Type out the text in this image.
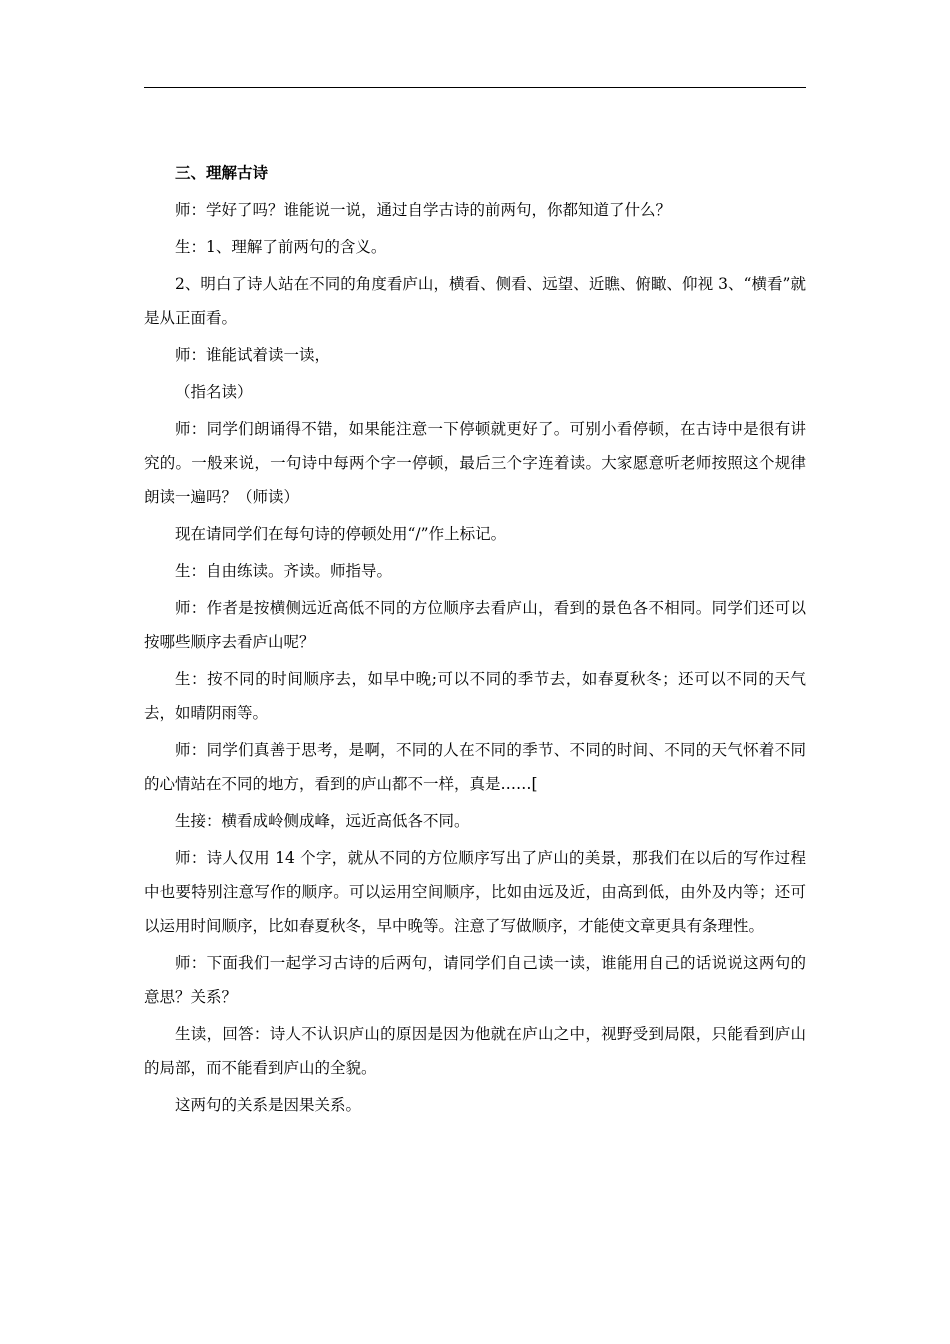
三、理解古诗

师：学好了吗？谁能说一说，通过自学古诗的前两句，你都知道了什么？

生：1、理解了前两句的含义。

2、明白了诗人站在不同的角度看庐山，横看、侧看、远望、近瞧、俯瞰、仰视 3、“横看”就是从正面看。

师：谁能试着读一读，

（指名读）

师：同学们朗诵得不错，如果能注意一下停顿就更好了。可别小看停顿，在古诗中是很有讲究的。一般来说，一句诗中每两个字一停顿，最后三个字连着读。大家愿意听老师按照这个规律朗读一遍吗？（师读）

现在请同学们在每句诗的停顿处用“/”作上标记。

生：自由练读。齐读。师指导。

师：作者是按横侧远近高低不同的方位顺序去看庐山，看到的景色各不相同。同学们还可以按哪些顺序去看庐山呢？

生：按不同的时间顺序去，如早中晚;可以不同的季节去，如春夏秋冬；还可以不同的天气去，如晴阴雨等。

师：同学们真善于思考，是啊，不同的人在不同的季节、不同的时间、不同的天气怀着不同的心情站在不同的地方，看到的庐山都不一样，真是……[

生接：横看成岭侧成峰，远近高低各不同。

师：诗人仅用 14 个字，就从不同的方位顺序写出了庐山的美景，那我们在以后的写作过程中也要特别注意写作的顺序。可以运用空间顺序，比如由远及近，由高到低，由外及内等；还可以运用时间顺序，比如春夏秋冬，早中晚等。注意了写做顺序，才能使文章更具有条理性。

师：下面我们一起学习古诗的后两句，请同学们自己读一读，谁能用自己的话说说这两句的意思？关系？

生读，回答：诗人不认识庐山的原因是因为他就在庐山之中，视野受到局限，只能看到庐山的局部，而不能看到庐山的全貌。

这两句的关系是因果关系。
